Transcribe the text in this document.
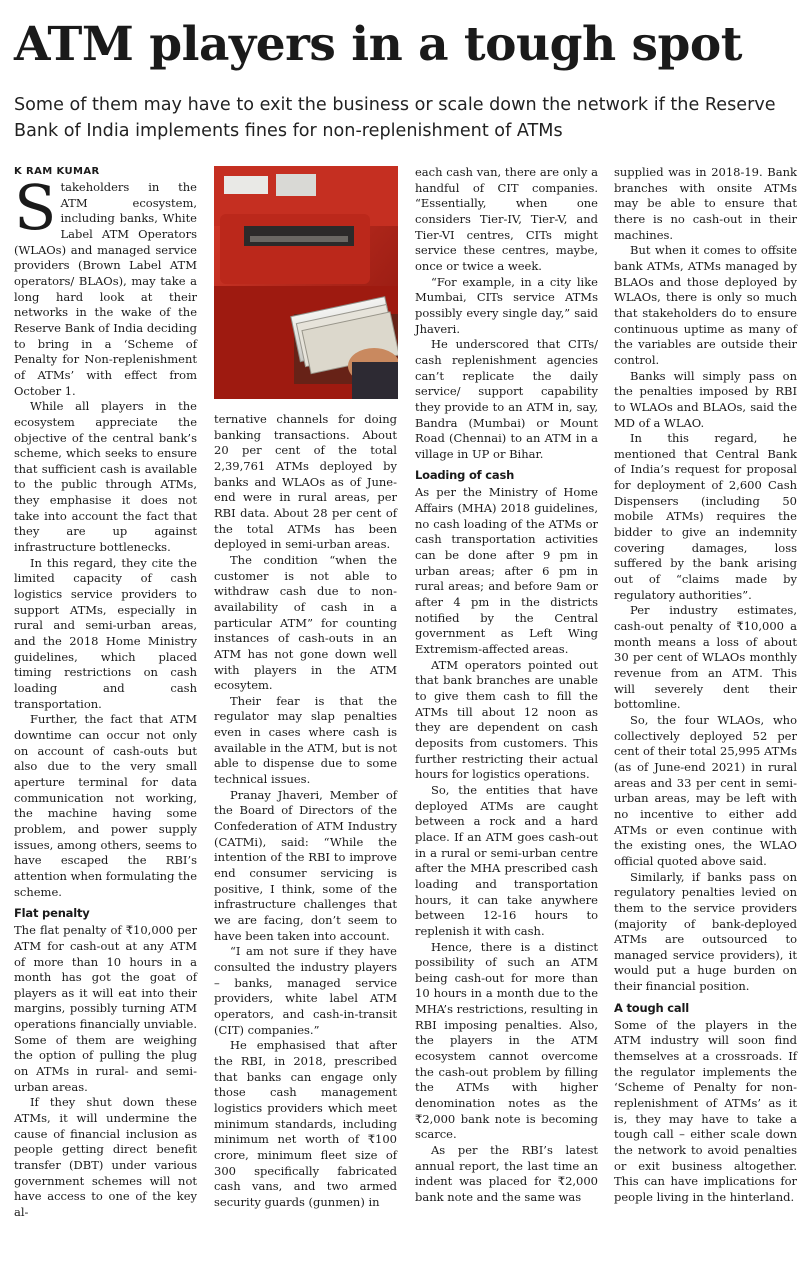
ATM players in a tough spot

Some of them may have to exit the business or scale down the network if the Reserve Bank of India implements fines for non-replenishment of ATMs

K RAM KUMAR

Stakeholders in the ATM ecosystem, including banks, White Label ATM Operators (WLAOs) and managed service providers (Brown Label ATM operators/ BLAOs), may take a long hard look at their networks in the wake of the Reserve Bank of India deciding to bring in a ‘Scheme of Penalty for Non-replenishment of ATMs’ with effect from October 1.

While all players in the ecosystem appreciate the objective of the central bank’s scheme, which seeks to ensure that sufficient cash is available to the public through ATMs, they emphasise it does not take into account the fact that they are up against infrastructure bottlenecks.

In this regard, they cite the limited capacity of cash logistics service providers to support ATMs, especially in rural and semi-urban areas, and the 2018 Home Ministry guidelines, which placed timing restrictions on cash loading and cash transportation.

Further, the fact that ATM downtime can occur not only on account of cash-outs but also due to the very small aperture terminal for data communication not working, the machine having some problem, and power supply issues, among others, seems to have escaped the RBI’s attention when formulating the scheme.

Flat penalty

The flat penalty of ₹10,000 per ATM for cash-out at any ATM of more than 10 hours in a month has got the goat of players as it will eat into their margins, possibly turning ATM operations financially unviable. Some of them are weighing the option of pulling the plug on ATMs in rural- and semi-urban areas.

If they shut down these ATMs, it will undermine the cause of financial inclusion as people getting direct benefit transfer (DBT) under various government schemes will not have access to one of the key al-

ternative channels for doing banking transactions. About 20 per cent of the total 2,39,761 ATMs deployed by banks and WLAOs as of June-end were in rural areas, per RBI data. About 28 per cent of the total ATMs has been deployed in semi-urban areas.

The condition “when the customer is not able to withdraw cash due to non-availability of cash in a particular ATM” for counting instances of cash-outs in an ATM has not gone down well with players in the ATM ecosytem.

Their fear is that the regulator may slap penalties even in cases where cash is available in the ATM, but is not able to dispense due to some technical issues.

Pranay Jhaveri, Member of the Board of Directors of the Confederation of ATM Industry (CATMi), said: “While the intention of the RBI to improve end consumer servicing is positive, I think, some of the infrastructure challenges that we are facing, don’t seem to have been taken into account.

“I am not sure if they have consulted the industry players – banks, managed service providers, white label ATM operators, and cash-in-transit (CIT) companies.”

He emphasised that after the RBI, in 2018, prescribed that banks can engage only those cash management logistics providers which meet minimum standards, including minimum net worth of ₹100 crore, minimum fleet size of 300 specifically fabricated cash vans, and two armed security guards (gunmen) in

each cash van, there are only a handful of CIT companies. “Essentially, when one considers Tier-IV, Tier-V, and Tier-VI centres, CITs might service these centres, maybe, once or twice a week.

“For example, in a city like Mumbai, CITs service ATMs possibly every single day,” said Jhaveri.

He underscored that CITs/ cash replenishment agencies can’t replicate the daily service/ support capability they provide to an ATM in, say, Bandra (Mumbai) or Mount Road (Chennai) to an ATM in a village in UP or Bihar.

Loading of cash

As per the Ministry of Home Affairs (MHA) 2018 guidelines, no cash loading of the ATMs or cash transportation activities can be done after 9 pm in urban areas; after 6 pm in rural areas; and before 9am or after 4 pm in the districts notified by the Central government as Left Wing Extremism-affected areas.

ATM operators pointed out that bank branches are unable to give them cash to fill the ATMs till about 12 noon as they are dependent on cash deposits from customers. This further restricting their actual hours for logistics operations.

So, the entities that have deployed ATMs are caught between a rock and a hard place. If an ATM goes cash-out in a rural or semi-urban centre after the MHA prescribed cash loading and transportation hours, it can take anywhere between 12-16 hours to replenish it with cash.

Hence, there is a distinct possibility of such an ATM being cash-out for more than 10 hours in a month due to the MHA’s restrictions, resulting in RBI imposing penalties. Also, the players in the ATM ecosystem cannot overcome the cash-out problem by filling the ATMs with higher denomination notes as the ₹2,000 bank note is becoming scarce.

As per the RBI’s latest annual report, the last time an indent was placed for ₹2,000 bank note and the same was

supplied was in 2018-19. Bank branches with onsite ATMs may be able to ensure that there is no cash-out in their machines.

But when it comes to offsite bank ATMs, ATMs managed by BLAOs and those deployed by WLAOs, there is only so much that stakeholders do to ensure continuous uptime as many of the variables are outside their control.

Banks will simply pass on the penalties imposed by RBI to WLAOs and BLAOs, said the MD of a WLAO.

In this regard, he mentioned that Central Bank of India’s request for proposal for deployment of 2,600 Cash Dispensers (including 50 mobile ATMs) requires the bidder to give an indemnity covering damages, loss suffered by the bank arising out of “claims made by regulatory authorities”.

Per industry estimates, cash-out penalty of ₹10,000 a month means a loss of about 30 per cent of WLAOs monthly revenue from an ATM. This will severely dent their bottomline.

So, the four WLAOs, who collectively deployed 52 per cent of their total 25,995 ATMs (as of June-end 2021) in rural areas and 33 per cent in semi-urban areas, may be left with no incentive to either add ATMs or even continue with the existing ones, the WLAO official quoted above said.

Similarly, if banks pass on regulatory penalties levied on them to the service providers (majority of bank-deployed ATMs are outsourced to managed service providers), it would put a huge burden on their financial position.

A tough call

Some of the players in the ATM industry will soon find themselves at a crossroads. If the regulator implements the ‘Scheme of Penalty for non-replenishment of ATMs’ as it is, they may have to take a tough call – either scale down the network to avoid penalties or exit business altogether. This can have implications for people living in the hinterland.
